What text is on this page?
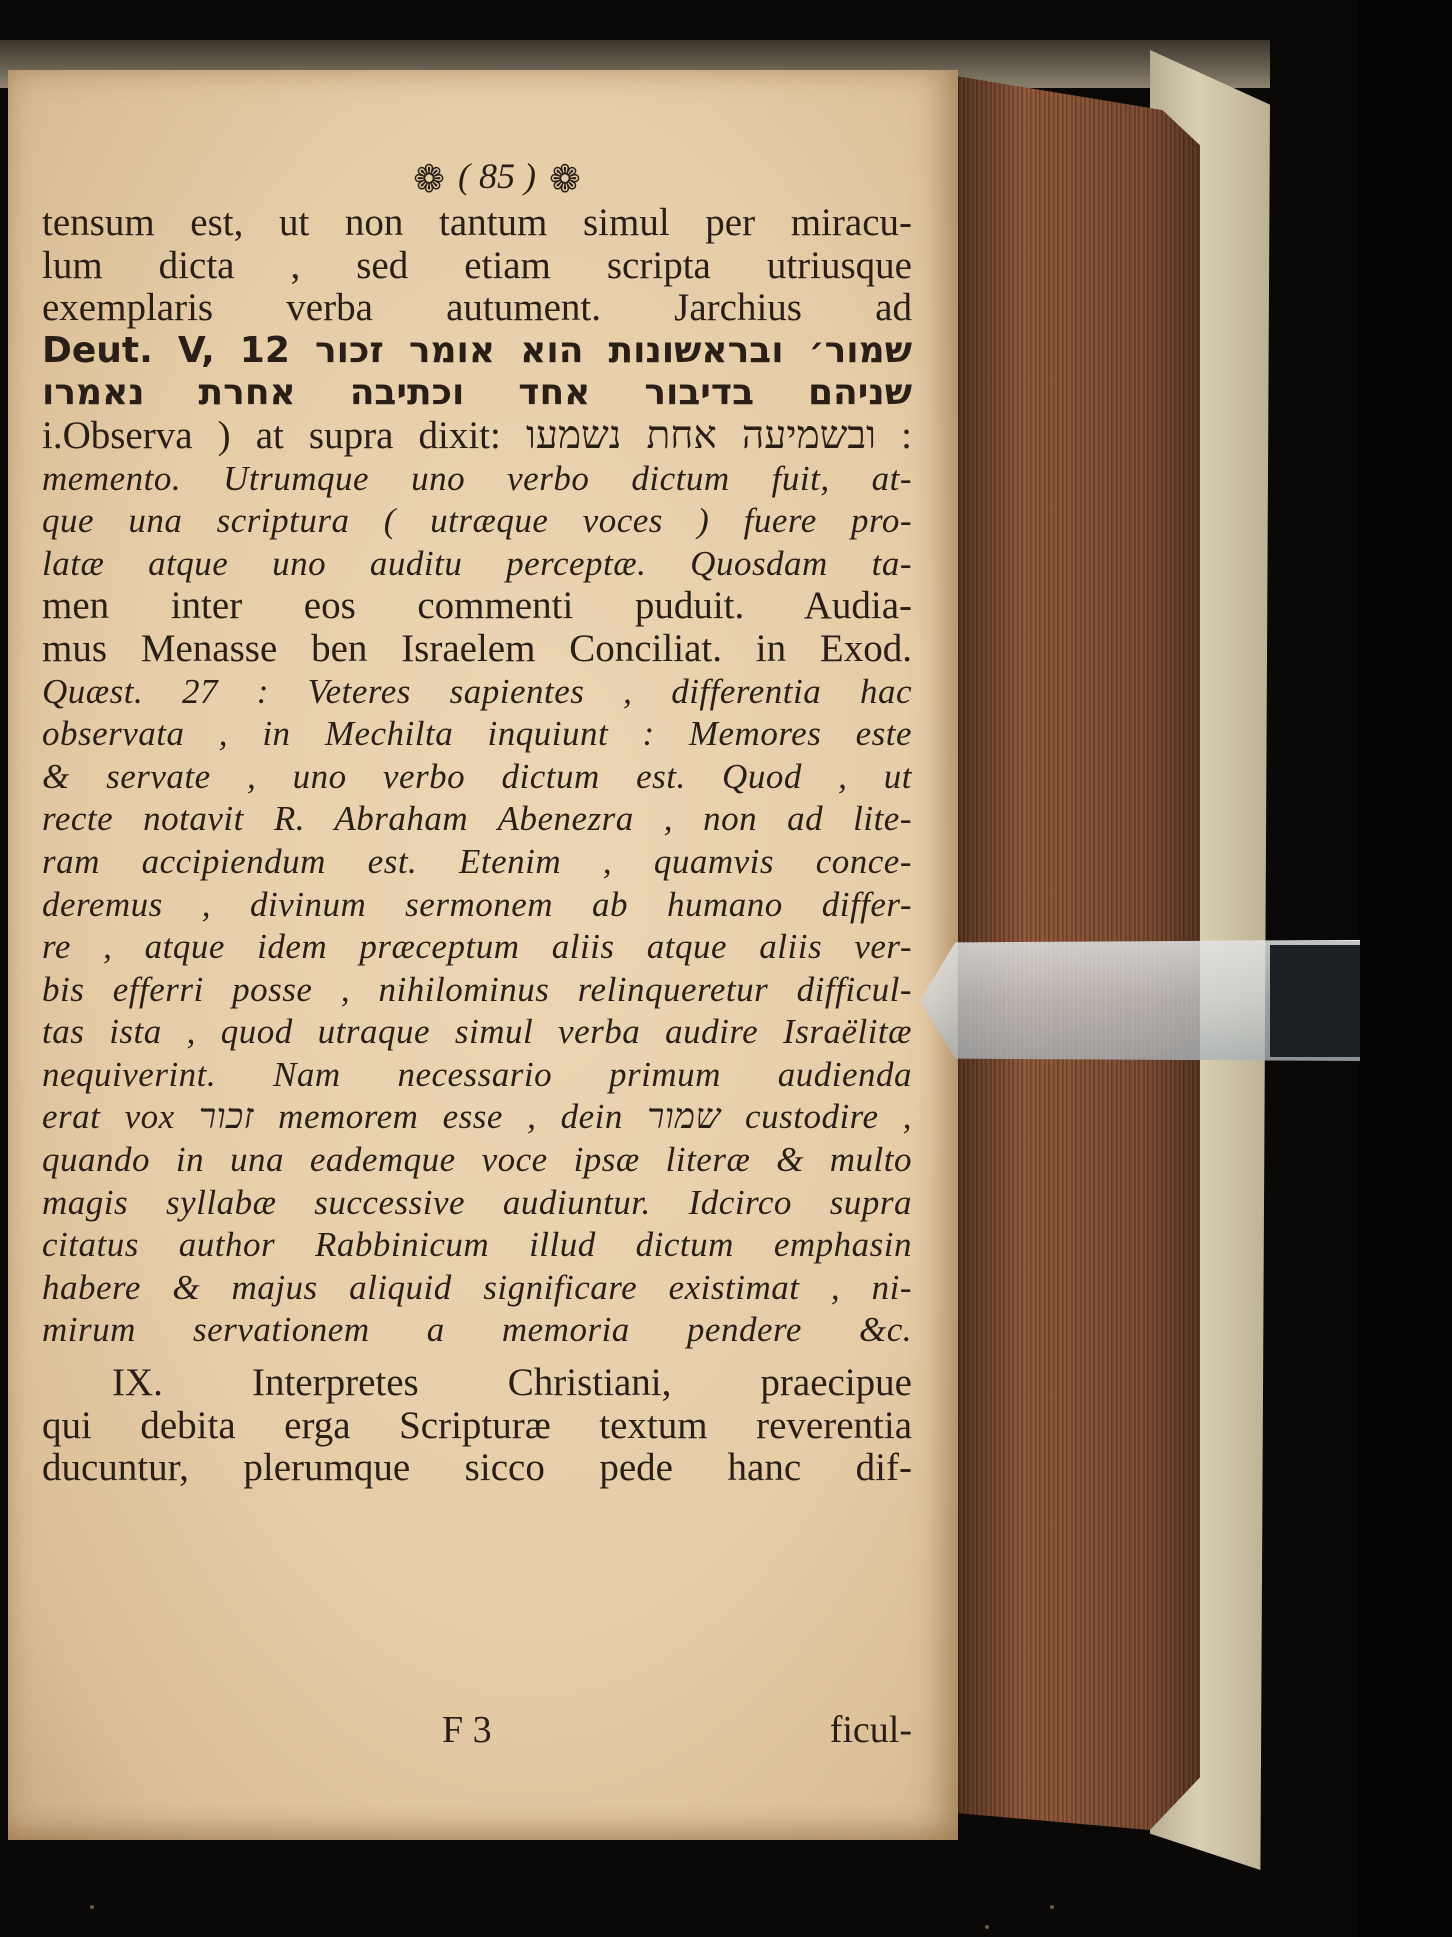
❁ ( 85 ) ❁
tensum est, ut non tantum simul per miracu-
lum dicta , sed etiam scripta utriusque
exemplaris verba autument. Jarchius ad
Deut. V, 12 שמור׳ ובראשונות הוא אומר זכור
שניהם בדיבור אחד וכתיבה אחרת נאמרו
i.Observa ) at supra dixit: ובשמיעה אחת נשמעו :
memento. Utrumque uno verbo dictum fuit, at-
que una scriptura ( utræque voces ) fuere pro-
latæ atque uno auditu perceptæ. Quosdam ta-
men inter eos commenti puduit. Audia-
mus Menasse ben Israelem Conciliat. in Exod.
Quæst. 27 : Veteres sapientes , differentia hac
observata , in Mechilta inquiunt : Memores este
& servate , uno verbo dictum est. Quod , ut
recte notavit R. Abraham Abenezra , non ad lite-
ram accipiendum est. Etenim , quamvis conce-
deremus , divinum sermonem ab humano differ-
re , atque idem præceptum aliis atque aliis ver-
bis efferri posse , nihilominus relinqueretur difficul-
tas ista , quod utraque simul verba audire Israëlitæ
nequiverint. Nam necessario primum audienda
erat vox זכור memorem esse , dein שמור custodire ,
quando in una eademque voce ipsæ literæ & multo
magis syllabæ successive audiuntur. Idcirco supra
citatus author Rabbinicum illud dictum emphasin
habere & majus aliquid significare existimat , ni-
mirum servationem a memoria pendere &c.
IX. Interpretes Christiani, praecipue
qui debita erga Scripturæ textum reverentia
ducuntur, plerumque sicco pede hanc dif-
F 3	ficul-
